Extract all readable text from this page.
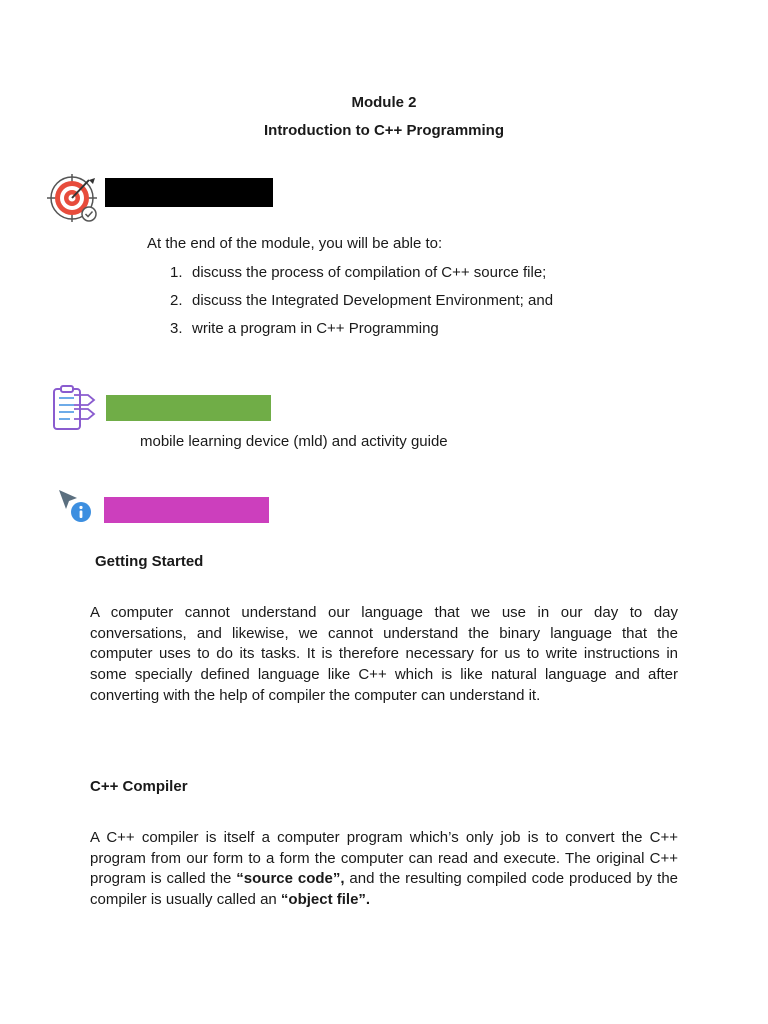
Module 2
Introduction to C++ Programming
At the end of the module, you will be able to:
1. discuss the process of compilation of C++ source file;
2. discuss the Integrated Development Environment; and
3. write a program in C++ Programming
mobile learning device (mld) and activity guide
Getting Started

A computer cannot understand our language that we use in our day to day conversations, and likewise, we cannot understand the binary language that the computer uses to do its tasks. It is therefore necessary for us to write instructions in some specially defined language like C++ which is like natural language and after converting with the help of compiler the computer can understand it.

C++ Compiler

A C++ compiler is itself a computer program which’s only job is to convert the C++ program from our form to a form the computer can read and execute. The original C++ program is called the “source code”, and the resulting compiled code produced by the compiler is usually called an “object file”.
